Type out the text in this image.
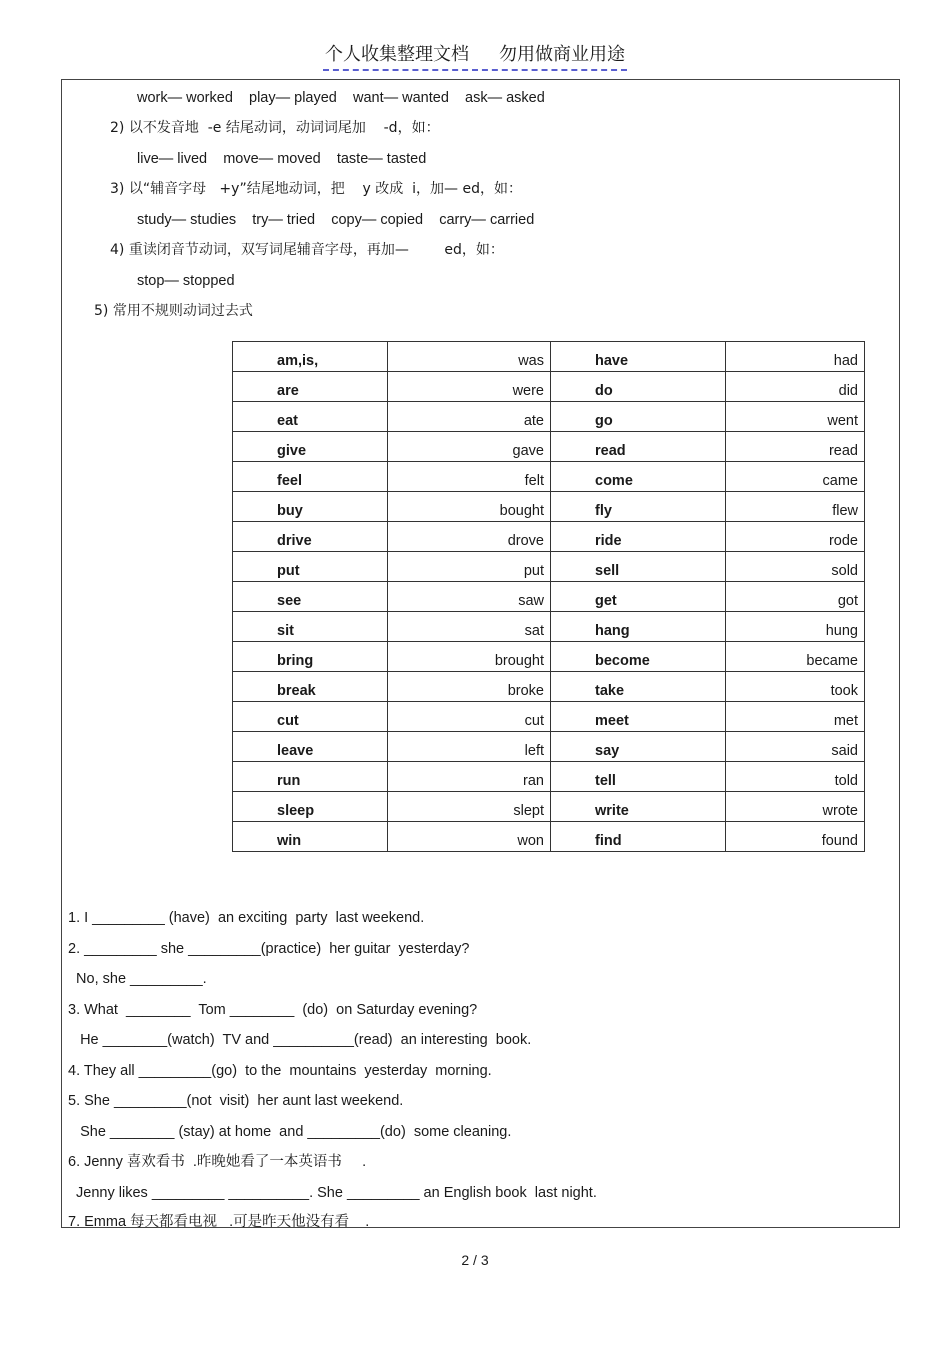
个人收集整理文档 勿用做商业用途
work— worked    play— played    want— wanted    ask— asked
2) 以不发音地  -e 结尾动词，动词词尾加    -d，如：
live— lived    move— moved    taste— tasted
3) 以“辅音字母   +y”结尾地动词，把    y 改成  i，加— ed，如：
study— studies    try— tried    copy— copied    carry— carried
4) 重读闭音节动词，双写词尾辅音字母，再加—        ed，如：
stop— stopped
5) 常用不规则动词过去式
am,is,	was	have	had
are	were	do	did
eat	ate	go	went
give	gave	read	read
feel	felt	come	came
buy	bought	fly	flew
drive	drove	ride	rode
put	put	sell	sold
see	saw	get	got
sit	sat	hang	hung
bring	brought	become	became
break	broke	take	took
cut	cut	meet	met
leave	left	say	said
run	ran	tell	told
sleep	slept	write	wrote
win	won	find	found
1. I _________ (have)  an exciting  party  last weekend.
2. _________ she _________(practice)  her guitar  yesterday?
No, she _________.
3. What  ________  Tom ________  (do)  on Saturday evening?
He ________(watch)  TV and __________(read)  an interesting  book.
4. They all _________(go)  to the  mountains  yesterday  morning.
5. She _________(not  visit)  her aunt last weekend.
She ________ (stay) at home  and _________(do)  some cleaning.
6. Jenny 喜欢看书  .昨晚她看了一本英语书     .
Jenny likes _________ __________. She _________ an English book  last night.
7. Emma 每天都看电视   .可是昨天他没有看    .
2 / 3
